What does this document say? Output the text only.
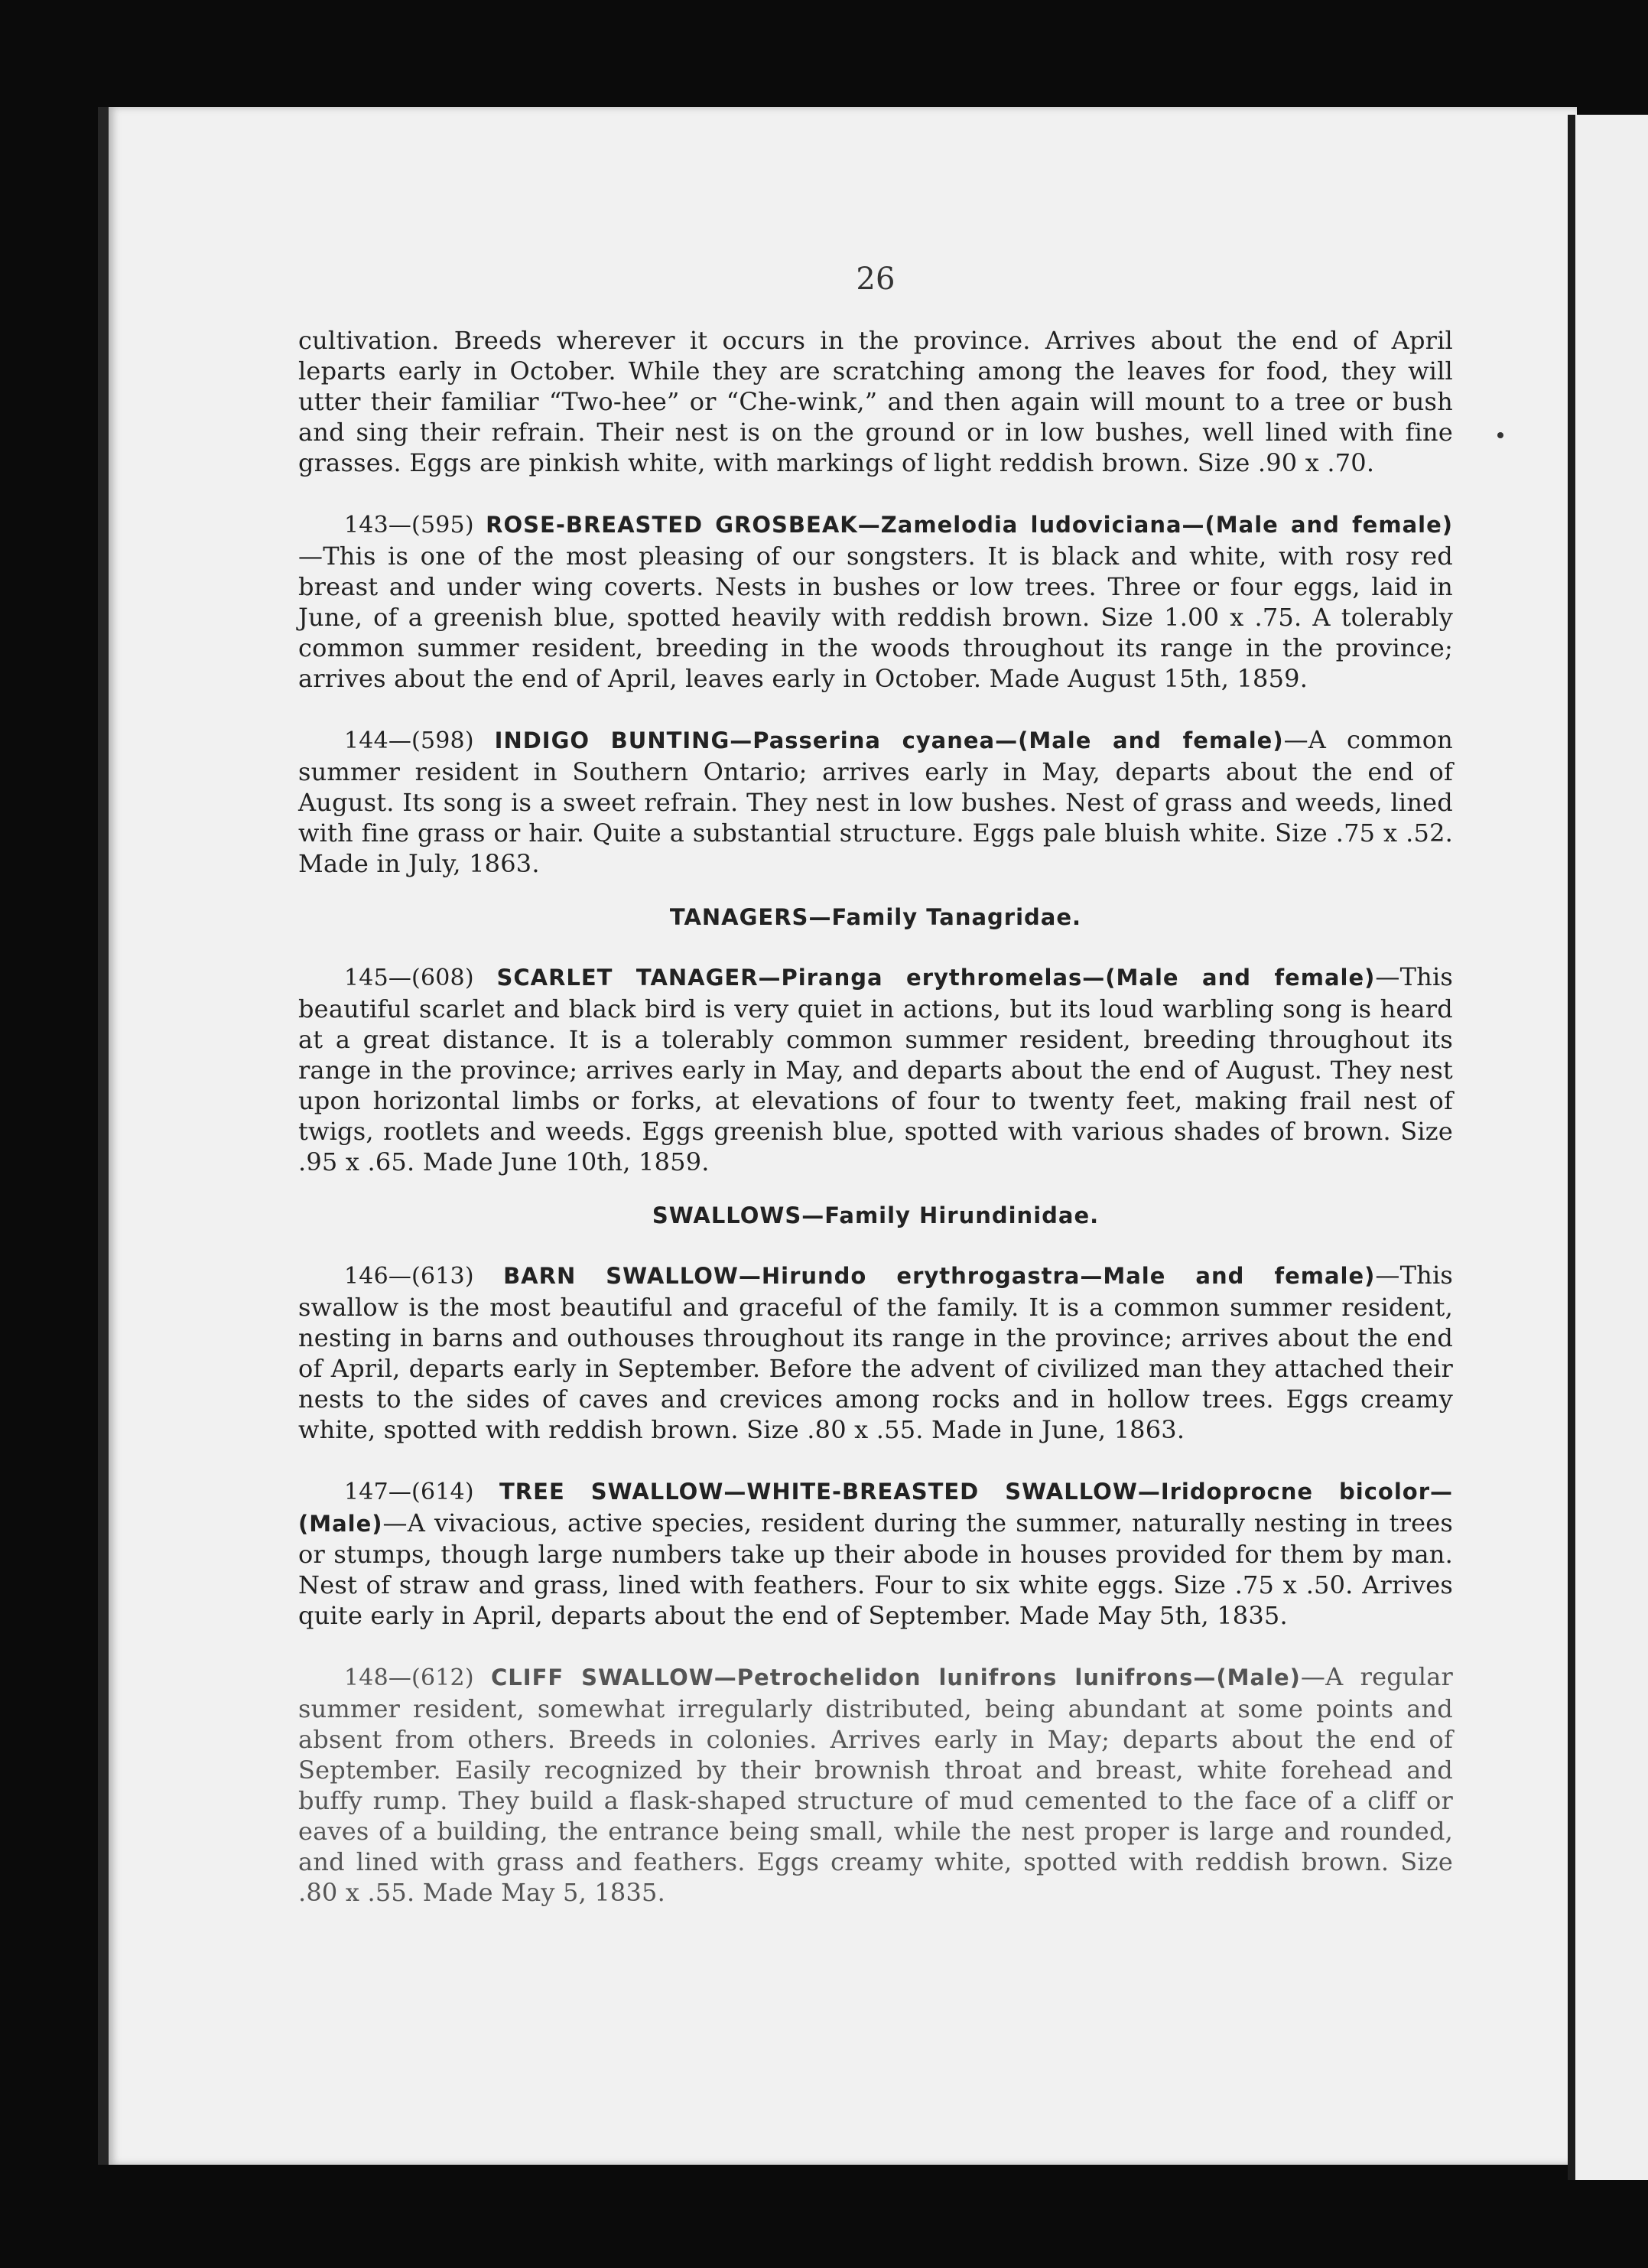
26

cultivation. Breeds wherever it occurs in the province. Arrives about the end of April leparts early in October. While they are scratching among the leaves for food, they will utter their familiar “Two-hee” or “Che-wink,” and then again will mount to a tree or bush and sing their refrain. Their nest is on the ground or in low bushes, well lined with fine grasses. Eggs are pinkish white, with markings of light reddish brown. Size .90 x .70.

143—(595) ROSE-BREASTED GROSBEAK—Zamelodia ludoviciana—(Male and female)—This is one of the most pleasing of our songsters. It is black and white, with rosy red breast and under wing coverts. Nests in bushes or low trees. Three or four eggs, laid in June, of a greenish blue, spotted heavily with reddish brown. Size 1.00 x .75. A tolerably common summer resident, breeding in the woods throughout its range in the province; arrives about the end of April, leaves early in October. Made August 15th, 1859.

144—(598) INDIGO BUNTING—Passerina cyanea—(Male and female)—A common summer resident in Southern Ontario; arrives early in May, departs about the end of August. Its song is a sweet refrain. They nest in low bushes. Nest of grass and weeds, lined with fine grass or hair. Quite a substantial structure. Eggs pale bluish white. Size .75 x .52. Made in July, 1863.

TANAGERS—Family Tanagridae.

145—(608) SCARLET TANAGER—Piranga erythromelas—(Male and female)—This beautiful scarlet and black bird is very quiet in actions, but its loud warbling song is heard at a great distance. It is a tolerably common summer resident, breeding throughout its range in the province; arrives early in May, and departs about the end of August. They nest upon horizontal limbs or forks, at elevations of four to twenty feet, making frail nest of twigs, rootlets and weeds. Eggs greenish blue, spotted with various shades of brown. Size .95 x .65. Made June 10th, 1859.

SWALLOWS—Family Hirundinidae.

146—(613) BARN SWALLOW—Hirundo erythrogastra—Male and female)—This swallow is the most beautiful and graceful of the family. It is a common summer resident, nesting in barns and outhouses throughout its range in the province; arrives about the end of April, departs early in September. Before the advent of civilized man they attached their nests to the sides of caves and crevices among rocks and in hollow trees. Eggs creamy white, spotted with reddish brown. Size .80 x .55. Made in June, 1863.

147—(614) TREE SWALLOW—WHITE-BREASTED SWALLOW—Iridoprocne bicolor—(Male)—A vivacious, active species, resident during the summer, naturally nesting in trees or stumps, though large numbers take up their abode in houses provided for them by man. Nest of straw and grass, lined with feathers. Four to six white eggs. Size .75 x .50. Arrives quite early in April, departs about the end of September. Made May 5th, 1835.

148—(612) CLIFF SWALLOW—Petrochelidon lunifrons lunifrons—(Male)—A regular summer resident, somewhat irregularly distributed, being abundant at some points and absent from others. Breeds in colonies. Arrives early in May; departs about the end of September. Easily recognized by their brownish throat and breast, white forehead and buffy rump. They build a flask-shaped structure of mud cemented to the face of a cliff or eaves of a building, the entrance being small, while the nest proper is large and rounded, and lined with grass and feathers. Eggs creamy white, spotted with reddish brown. Size .80 x .55. Made May 5, 1835.
